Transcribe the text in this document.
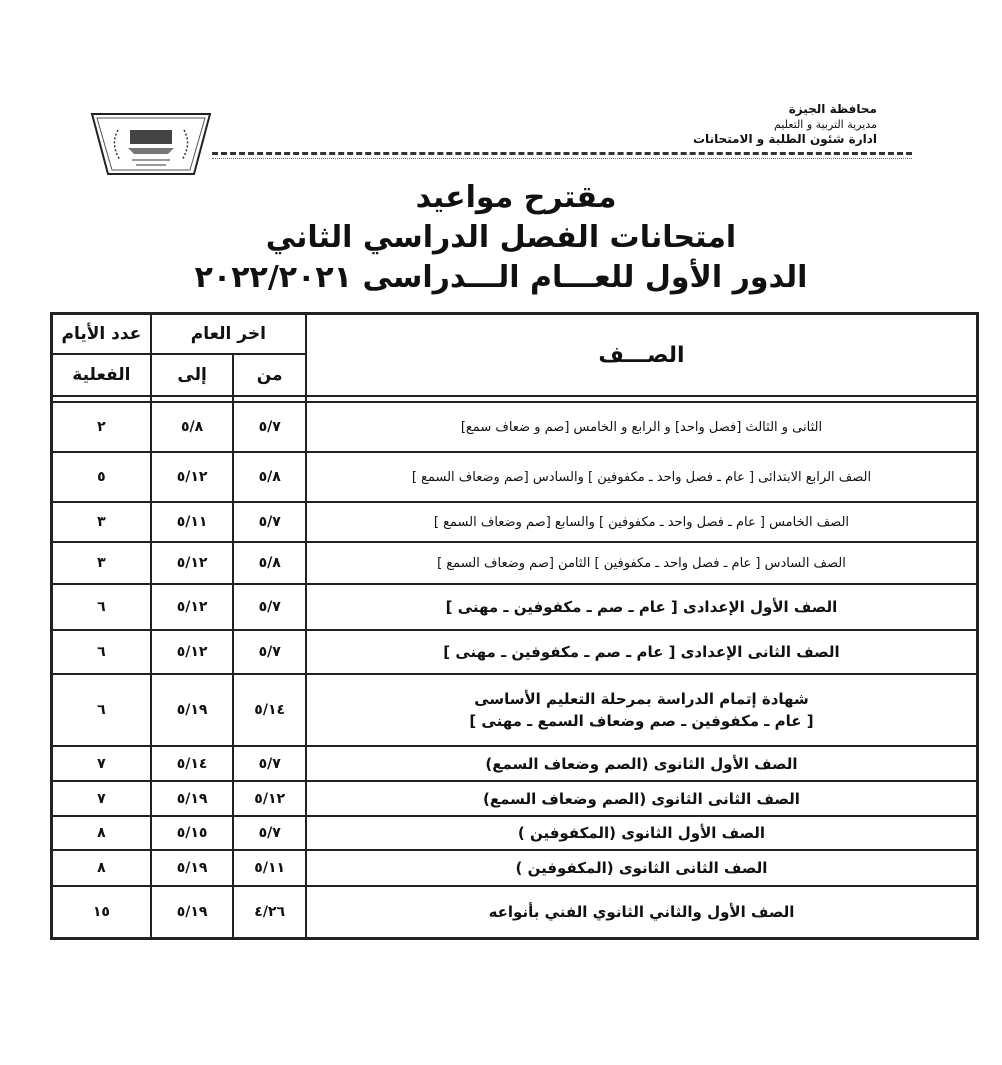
محافظة الجيزة
مديرية التربية و التعليم
ادارة شئون الطلبة و الامتحانات
مقترح مواعيد
امتحانات الفصل الدراسي الثاني
الدور الأول للعـــام الـــدراسى ٢٠٢٢/٢٠٢١
الصـــف	اخر العام		عدد الأيام
	من	إلى	الفعلية

الثانى و الثالث [فصل واحد] و الرابع و الخامس [صم و ضعاف سمع]	٥/٧	٥/٨	٢
الصف الرابع الابتدائى [ عام ـ فصل واحد ـ مكفوفين ] والسادس [صم وضعاف السمع ]	٥/٨	٥/١٢	٥
الصف الخامس [ عام ـ فصل واحد ـ مكفوفين ] والسابع [صم وضعاف السمع ]	٥/٧	٥/١١	٣
الصف السادس [ عام ـ فصل واحد ـ مكفوفين ] الثامن [صم وضعاف السمع ]	٥/٨	٥/١٢	٣
الصف الأول الإعدادى [ عام ـ صم ـ مكفوفين ـ مهنى ]	٥/٧	٥/١٢	٦
الصف الثانى الإعدادى [ عام ـ صم ـ مكفوفين ـ مهنى ]	٥/٧	٥/١٢	٦

شهادة إتمام الدراسة بمرحلة التعليم الأساسى
[ عام ـ مكفوفين ـ صم وضعاف السمع ـ مهنى ]	٥/١٤	٥/١٩	٦
الصف الأول الثانوى (الصم وضعاف السمع)	٥/٧	٥/١٤	٧
الصف الثانى الثانوى (الصم وضعاف السمع)	٥/١٢	٥/١٩	٧
الصف الأول الثانوى (المكفوفين )	٥/٧	٥/١٥	٨
الصف الثانى الثانوى (المكفوفين )	٥/١١	٥/١٩	٨
الصف الأول والثاني الثانوي الفني بأنواعه	٤/٢٦	٥/١٩	١٥
